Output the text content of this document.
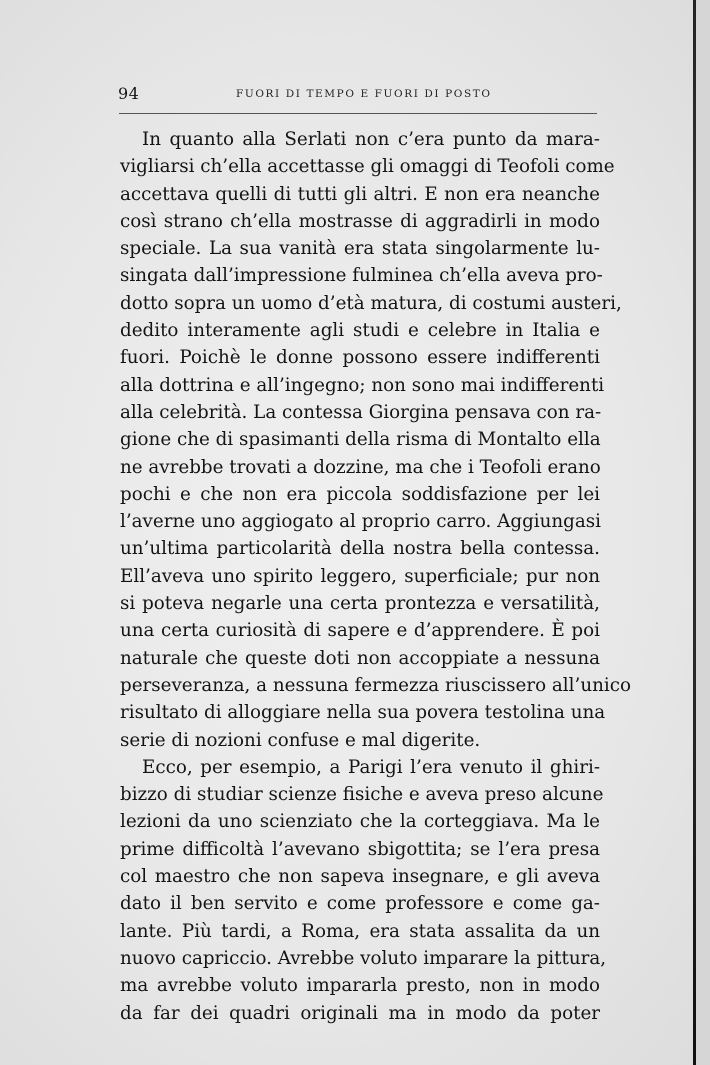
94	FUORI DI TEMPO E FUORI DI POSTO
In quanto alla Serlati non c’era punto da mara-
vigliarsi ch’ella accettasse gli omaggi di Teofoli come
accettava quelli di tutti gli altri. E non era neanche
così strano ch’ella mostrasse di aggradirli in modo
speciale. La sua vanità era stata singolarmente lu-
singata dall’impressione fulminea ch’ella aveva pro-
dotto sopra un uomo d’età matura, di costumi austeri,
dedito interamente agli studi e celebre in Italia e
fuori. Poichè le donne possono essere indifferenti
alla dottrina e all’ingegno; non sono mai indifferenti
alla celebrità. La contessa Giorgina pensava con ra-
gione che di spasimanti della risma di Montalto ella
ne avrebbe trovati a dozzine, ma che i Teofoli erano
pochi e che non era piccola soddisfazione per lei
l’averne uno aggiogato al proprio carro. Aggiungasi
un’ultima particolarità della nostra bella contessa.
Ell’aveva uno spirito leggero, superficiale; pur non
si poteva negarle una certa prontezza e versatilità,
una certa curiosità di sapere e d’apprendere. È poi
naturale che queste doti non accoppiate a nessuna
perseveranza, a nessuna fermezza riuscissero all’unico
risultato di alloggiare nella sua povera testolina una
serie di nozioni confuse e mal digerite.
Ecco, per esempio, a Parigi l’era venuto il ghiri-
bizzo di studiar scienze fisiche e aveva preso alcune
lezioni da uno scienziato che la corteggiava. Ma le
prime difficoltà l’avevano sbigottita; se l’era presa
col maestro che non sapeva insegnare, e gli aveva
dato il ben servito e come professore e come ga-
lante. Più tardi, a Roma, era stata assalita da un
nuovo capriccio. Avrebbe voluto imparare la pittura,
ma avrebbe voluto impararla presto, non in modo
da far dei quadri originali ma in modo da poter
